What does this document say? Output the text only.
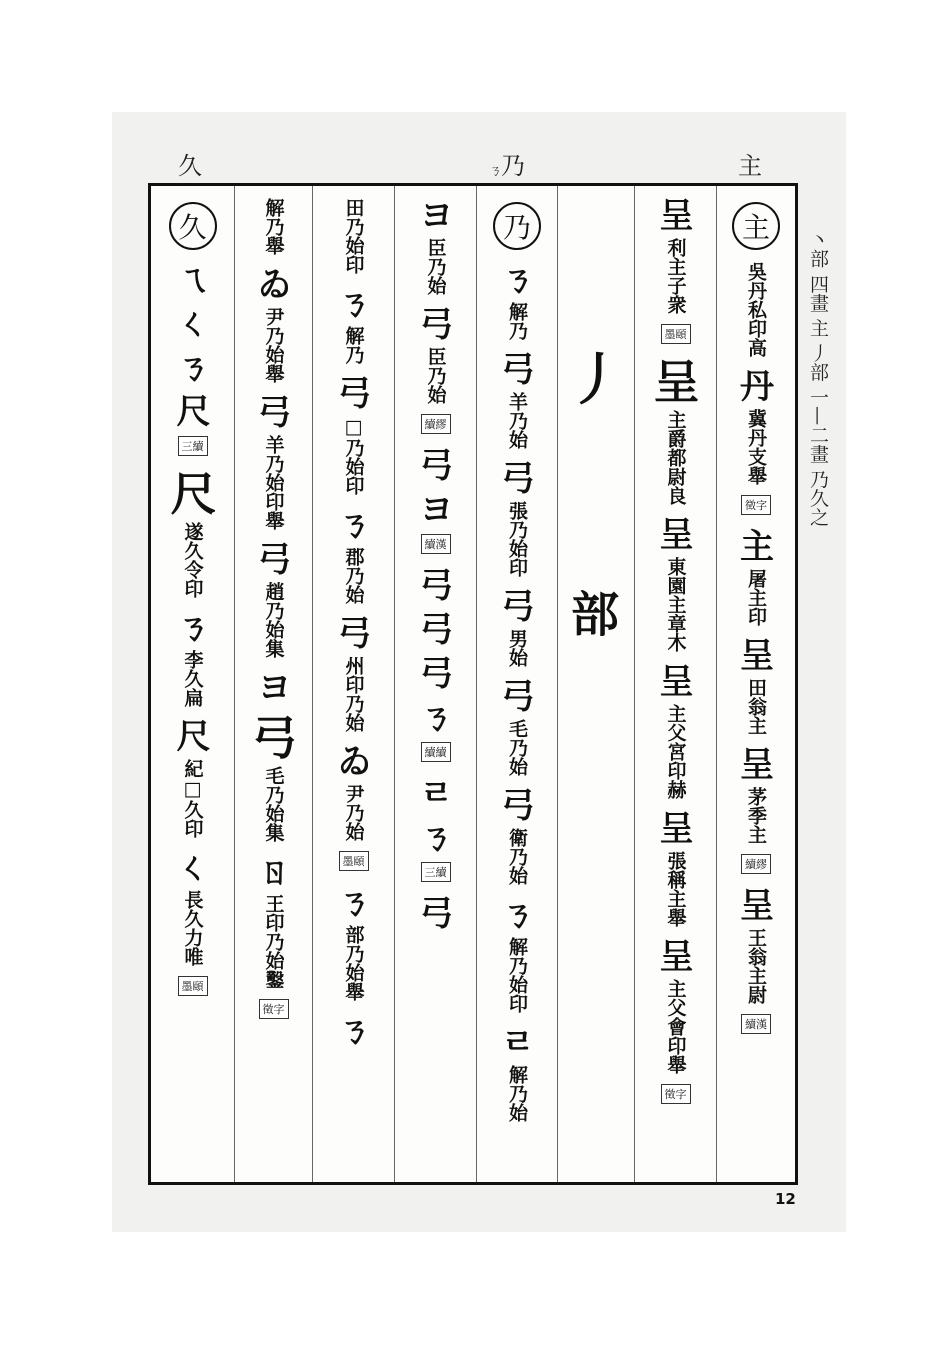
久	ㄋ
乃	主
久
ㄟ
ㄑ
ㄋ
尺
三續
尺
遂久令印
ㄋ
李久扁
尺
紀□久印
ㄑ
長久力唯
墨頤
解乃舉
ゐ
尹乃始舉
弓
羊乃始印舉
弓
趙乃始集
ヨ
弓
毛乃始集
ㄖ
王印乃始鑿
徵字
田乃始印
ㄋ
解乃
弓
□乃始印
ㄋ
郡乃始
弓
州印乃始
ゐ
尹乃始
墨頤
ㄋ
部乃始舉
ㄋ
ヨ
臣乃始
弓
臣乃始
續繆
弓
ヨ
續漢
弓
弓
弓
ㄋ
續續
ㄹ
ㄋ
三續
弓
乃
ㄋ
解乃
弓
羊乃始
弓
張乃始印
弓
男始
弓
毛乃始
弓
衛乃始
ㄋ
解乃始印
ㄹ
解乃始
丿
部
呈
利主子衆
墨頤
呈
主爵都尉良
呈
東園主章木
呈
主父宮印赫
呈
張稱主舉
呈
主父會印舉
徵字
主
吳丹私印高
丹
冀丹支舉
徵字
主
屠主印
呈
田翁主
呈
茅季主
續繆
呈
王翁主尉
續漢
丶部 四畫 主 丿部 一—二畫 乃久之
12
